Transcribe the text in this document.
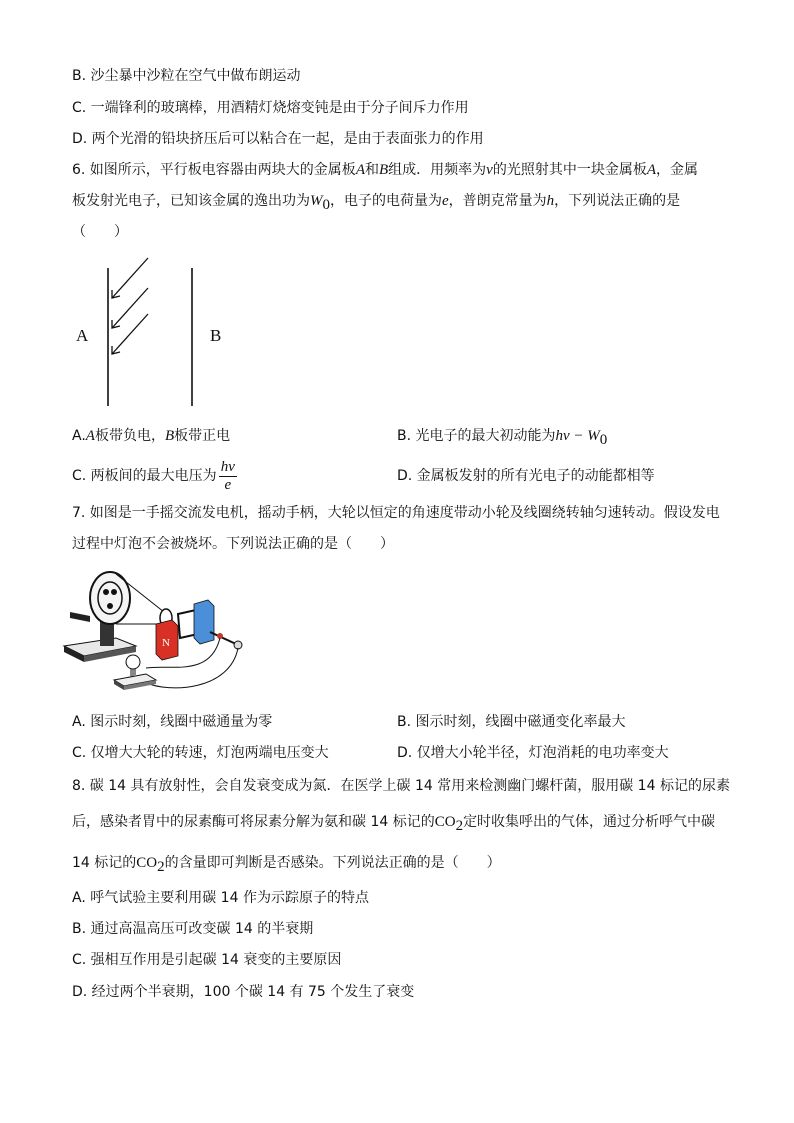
B. 沙尘暴中沙粒在空气中做布朗运动
C. 一端锋利的玻璃棒，用酒精灯烧熔变钝是由于分子间斥力作用
D. 两个光滑的铅块挤压后可以粘合在一起，是由于表面张力的作用
6. 如图所示，平行板电容器由两块大的金属板A和B组成．用频率为ν的光照射其中一块金属板A，金属
板发射光电子，已知该金属的逸出功为$W_0$，电子的电荷量为e，普朗克常量为h，下列说法正确的是
（　　）
A	B
A.A板带负电，B板带正电	B. 光电子的最大初动能为$h\nu - W_0$
C. 两板间的最大电压为 $\frac{h\nu}{e}$	D. 金属板发射的所有光电子的动能都相等
7. 如图是一手摇交流发电机，摇动手柄，大轮以恒定的角速度带动小轮及线圈绕转轴匀速转动。假设发电
过程中灯泡不会被烧坏。下列说法正确的是（　　）
N
A. 图示时刻，线圈中磁通量为零	B. 图示时刻，线圈中磁通变化率最大
C. 仅增大大轮的转速，灯泡两端电压变大	D. 仅增大小轮半径，灯泡消耗的电功率变大
8. 碳 14 具有放射性，会自发衰变成为氮．在医学上碳 14 常用来检测幽门螺杆菌，服用碳 14 标记的尿素
后，感染者胃中的尿素酶可将尿素分解为氨和碳 14 标记的$CO_2$定时收集呼出的气体，通过分析呼气中碳
14 标记的$CO_2$的含量即可判断是否感染。下列说法正确的是（　　）
A. 呼气试验主要利用碳 14 作为示踪原子的特点
B. 通过高温高压可改变碳 14 的半衰期
C. 强相互作用是引起碳 14 衰变的主要原因
D. 经过两个半衰期，100 个碳 14 有 75 个发生了衰变
